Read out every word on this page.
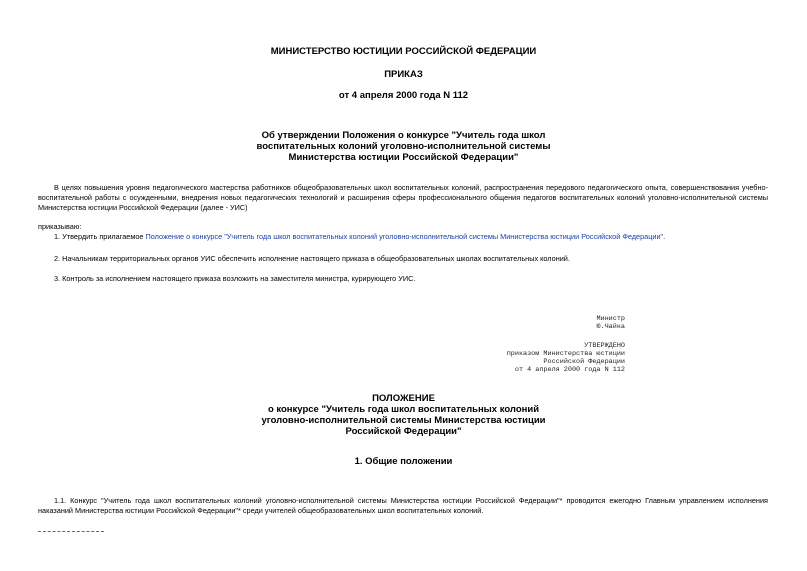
МИНИСТЕРСТВО ЮСТИЦИИ РОССИЙСКОЙ ФЕДЕРАЦИИ

ПРИКАЗ

от 4 апреля 2000 года N 112

Об утверждении Положения о конкурсе "Учитель года школ

воспитательных колоний уголовно-исполнительной системы

Министерства юстиции Российской Федерации"

В целях повышения уровня педагогического мастерства работников общеобразовательных школ воспитательных колоний, распространения передового педагогического опыта, совершенствования учебно-воспитательной работы с осужденными, внедрения новых педагогических технологий и расширения сферы профессионального общения педагогов воспитательных колоний уголовно-исполнительной системы Министерства юстиции Российской Федерации (далее - УИС)

приказываю:

1. Утвердить прилагаемое Положение о конкурсе "Учитель года школ воспитательных колоний уголовно-исполнительной системы Министерства юстиции Российской Федерации".

2. Начальникам территориальных органов УИС обеспечить исполнение настоящего приказа в общеобразовательных школах воспитательных колоний.

3. Контроль за исполнением настоящего приказа возложить на заместителя министра, курирующего УИС.

Министр
Ю.Чайка
УТВЕРЖДЕНО
приказом Министерства юстиции
Российской Федерации
от 4 апреля 2000 года N 112

ПОЛОЖЕНИЕ

о конкурсе "Учитель года школ воспитательных колоний

уголовно-исполнительной системы Министерства юстиции

Российской Федерации"

1. Общие положении

1.1. Конкурс "Учитель года школ воспитательных колоний уголовно-исполнительной системы Министерства юстиции Российской Федерации"* проводится ежегодно Главным управлением исполнения наказаний Министерства юстиции Российской Федерации"* среди учителей общеобразовательных школ воспитательных колоний.
